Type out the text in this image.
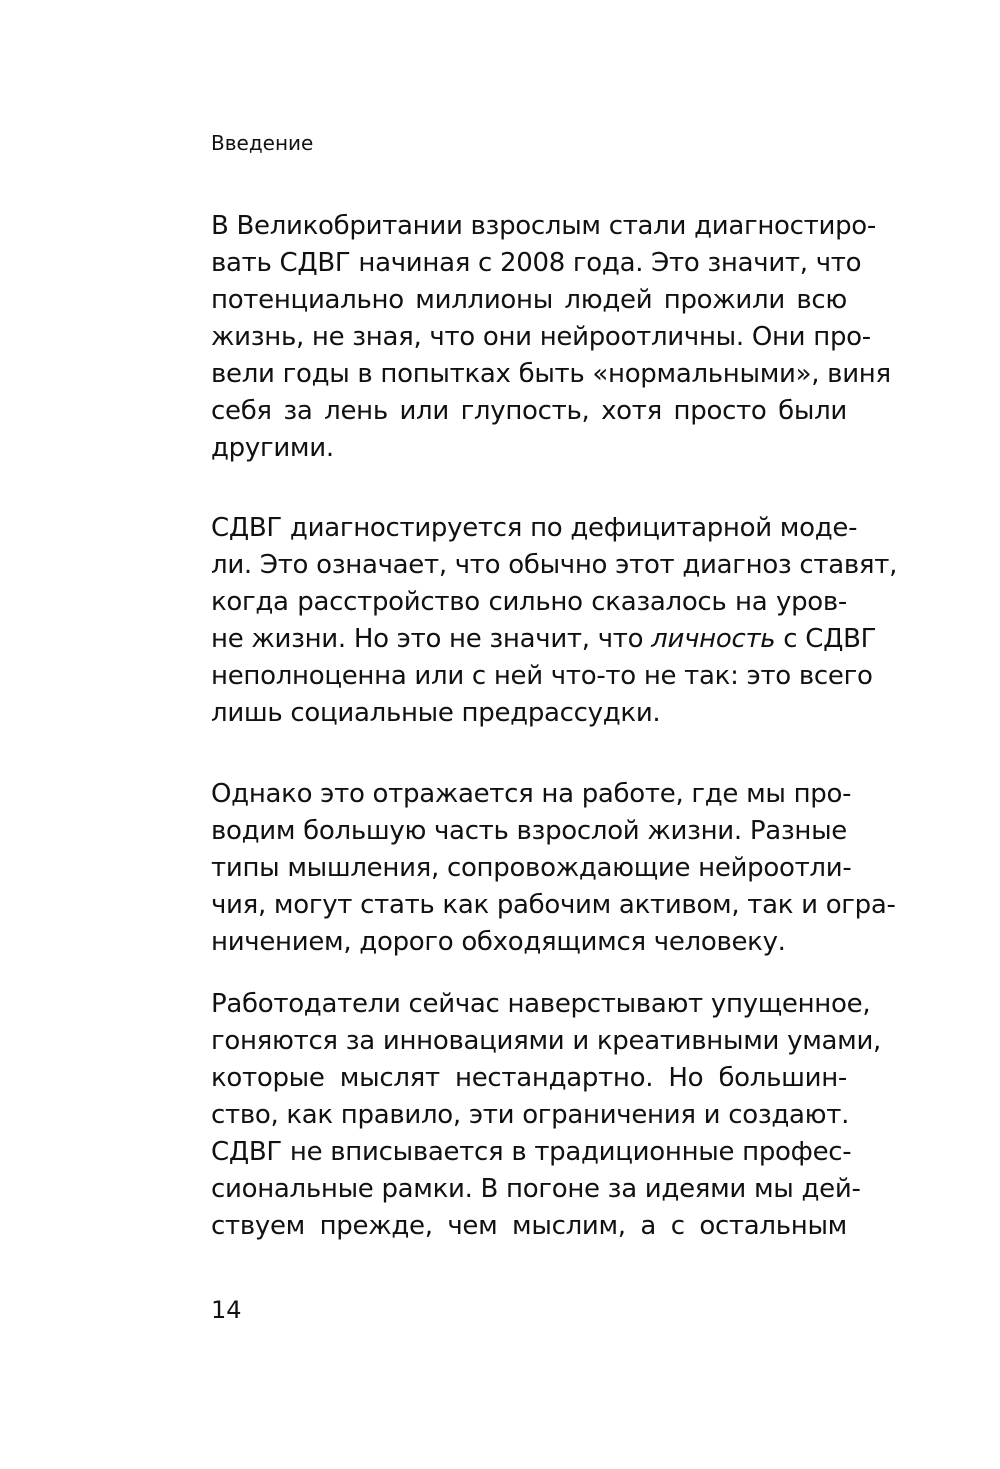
Введение
В Великобритании взрослым стали диагностиро-
вать СДВГ начиная с 2008 года. Это значит, что
потенциально миллионы людей прожили всю
жизнь, не зная, что они нейроотличны. Они про-
вели годы в попытках быть «нормальными», виня
себя за лень или глупость, хотя просто были
другими.
СДВГ диагностируется по дефицитарной моде-
ли. Это означает, что обычно этот диагноз ставят,
когда расстройство сильно сказалось на уров-
не жизни. Но это не значит, что личность с СДВГ
неполноценна или с ней что-то не так: это всего
лишь социальные предрассудки.
Однако это отражается на работе, где мы про-
водим большую часть взрослой жизни. Разные
типы мышления, сопровождающие нейроотли-
чия, могут стать как рабочим активом, так и огра-
ничением, дорого обходящимся человеку.
Работодатели сейчас наверстывают упущенное,
гоняются за инновациями и креативными умами,
которые мыслят нестандартно. Но большин-
ство, как правило, эти ограничения и создают.
СДВГ не вписывается в традиционные профес-
сиональные рамки. В погоне за идеями мы дей-
ствуем прежде, чем мыслим, а с остальным
14
